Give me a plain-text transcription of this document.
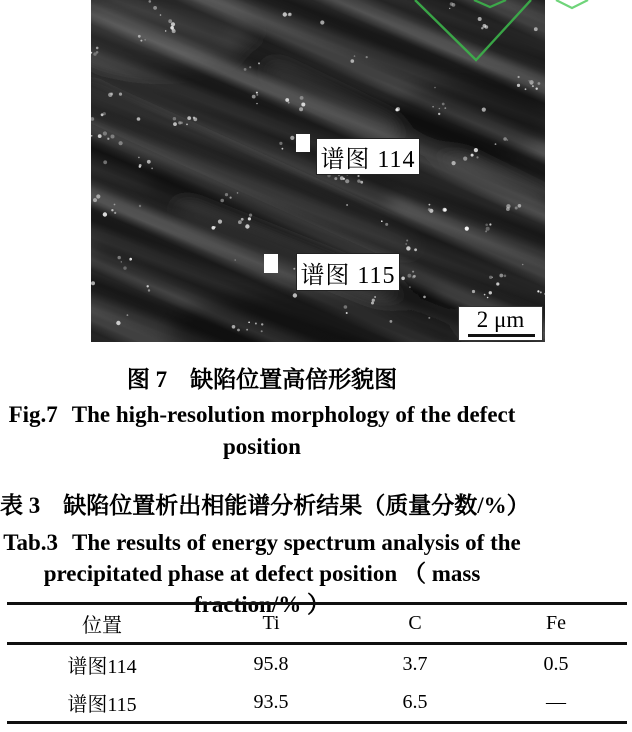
谱图 114
谱图 115
2 μm
图 7　缺陷位置高倍形貌图
Fig.7 The high-resolution morphology of the defect
position
表 3　缺陷位置析出相能谱分析结果（质量分数/%）
Tab.3 The results of energy spectrum analysis of the
precipitated phase at defect position （ mass fraction/% ）
位置	Ti	C	Fe
谱图114	95.8	3.7	0.5
谱图115	93.5	6.5	—
